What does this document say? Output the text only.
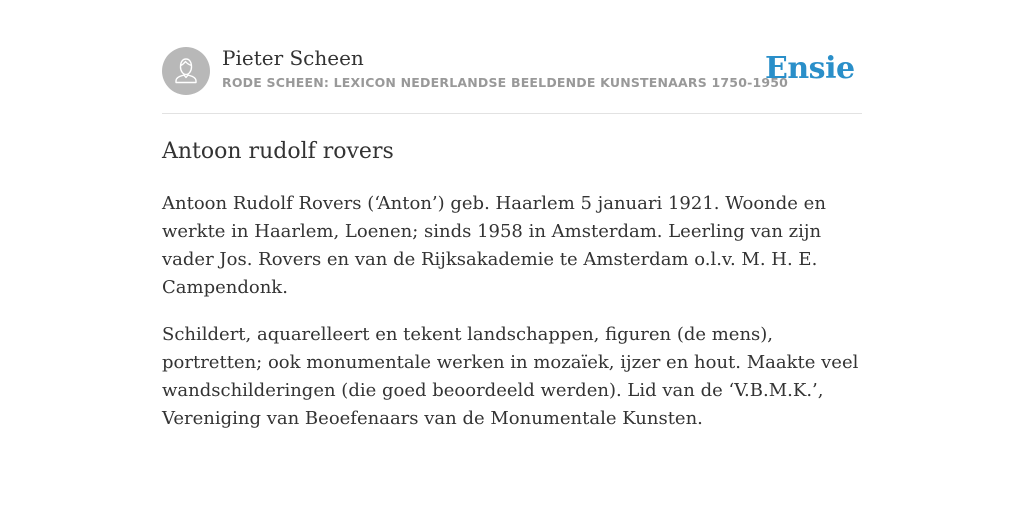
Pieter Scheen
RODE SCHEEN: LEXICON NEDERLANDSE BEELDENDE KUNSTENAARS 1750-1950
Ensie
Antoon rudolf rovers

Antoon Rudolf Rovers (‘Anton’) geb. Haarlem 5 januari 1921. Woonde en werkte in Haarlem, Loenen; sinds 1958 in Amsterdam. Leerling van zijn vader Jos. Rovers en van de Rijksakademie te Amsterdam o.l.v. M. H. E. Campendonk.

Schildert, aquarelleert en tekent landschappen, figuren (de mens), portretten; ook monumentale werken in mozaïek, ijzer en hout. Maakte veel wandschilderingen (die goed beoordeeld werden). Lid van de ‘V.B.M.K.’, Vereniging van Beoefenaars van de Monumentale Kunsten.
